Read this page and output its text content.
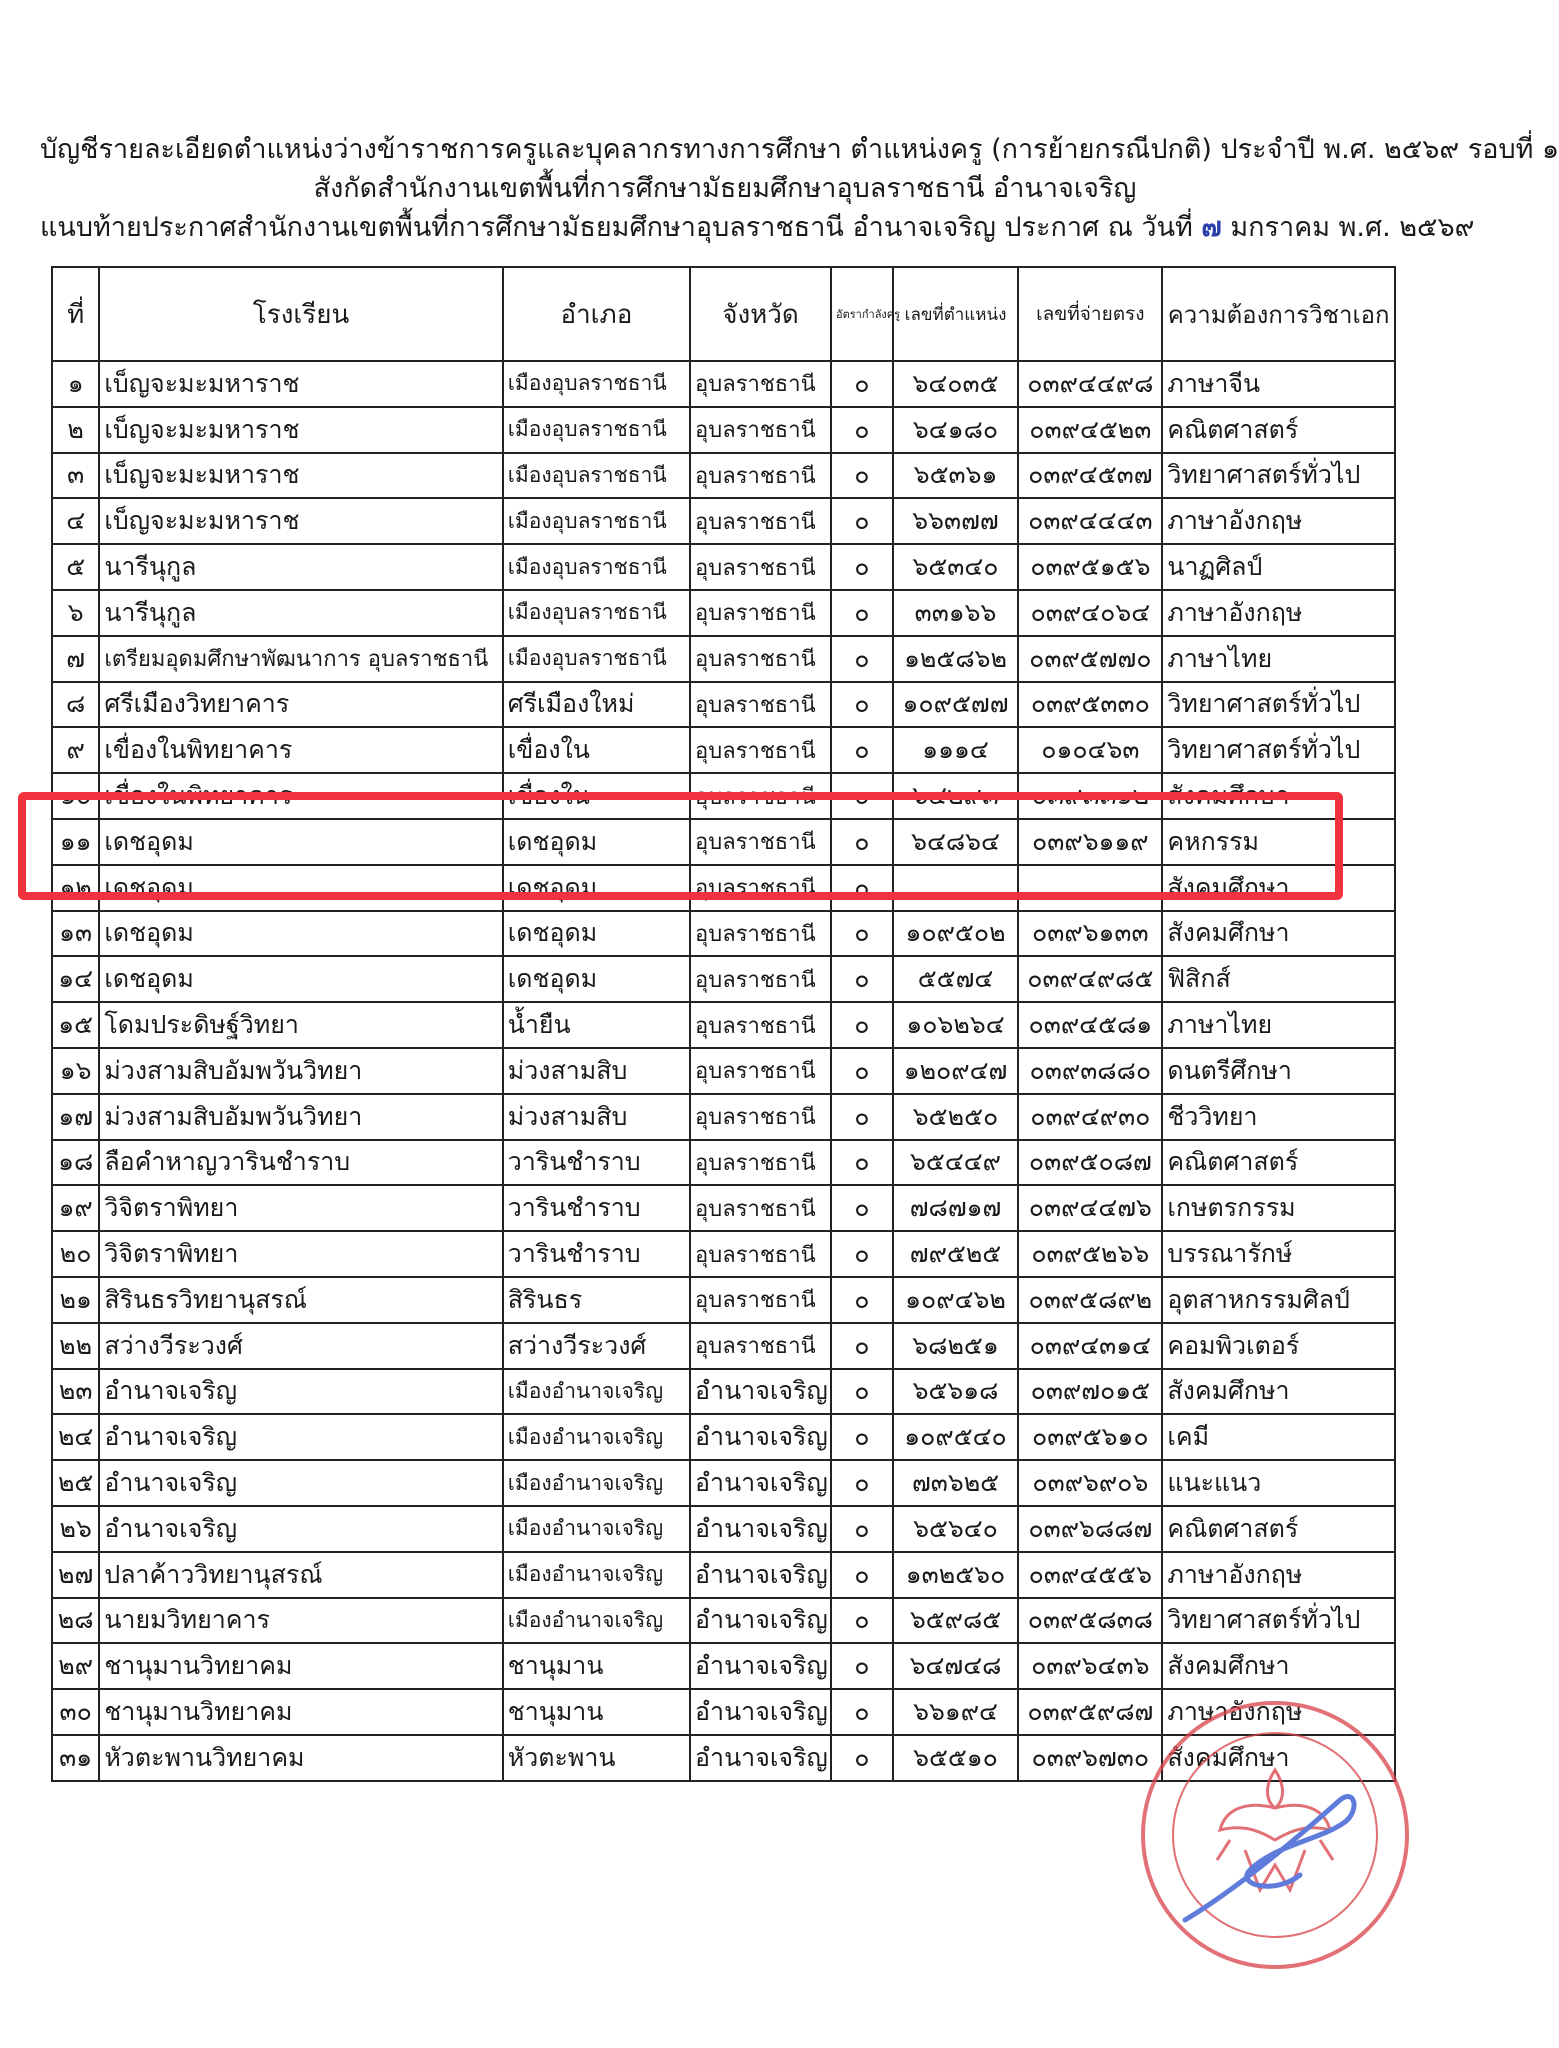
บัญชีรายละเอียดตำแหน่งว่างข้าราชการครูและบุคลากรทางการศึกษา ตำแหน่งครู (การย้ายกรณีปกติ) ประจำปี พ.ศ. ๒๕๖๙ รอบที่ ๑
สังกัดสำนักงานเขตพื้นที่การศึกษามัธยมศึกษาอุบลราชธานี อำนาจเจริญ
แนบท้ายประกาศสำนักงานเขตพื้นที่การศึกษามัธยมศึกษาอุบลราชธานี อำนาจเจริญ ประกาศ ณ วันที่ ๗ มกราคม พ.ศ. ๒๕๖๙
ที่	โรงเรียน	อำเภอ	จังหวัด	อัตรากำลังครู	เลขที่ตำแหน่ง	เลขที่จ่ายตรง	ความต้องการวิชาเอก
๑	เบ็ญจะมะมหาราช	เมืองอุบลราชธานี	อุบลราชธานี	๐	๖๔๐๓๕	๐๓๙๔๔๙๘	ภาษาจีน
๒	เบ็ญจะมะมหาราช	เมืองอุบลราชธานี	อุบลราชธานี	๐	๖๔๑๘๐	๐๓๙๔๕๒๓	คณิตศาสตร์
๓	เบ็ญจะมะมหาราช	เมืองอุบลราชธานี	อุบลราชธานี	๐	๖๕๓๖๑	๐๓๙๔๕๓๗	วิทยาศาสตร์ทั่วไป
๔	เบ็ญจะมะมหาราช	เมืองอุบลราชธานี	อุบลราชธานี	๐	๖๖๓๗๗	๐๓๙๔๔๔๓	ภาษาอังกฤษ
๕	นารีนุกูล	เมืองอุบลราชธานี	อุบลราชธานี	๐	๖๕๓๔๐	๐๓๙๕๑๕๖	นาฏศิลป์
๖	นารีนุกูล	เมืองอุบลราชธานี	อุบลราชธานี	๐	๓๓๑๖๖	๐๓๙๔๐๖๔	ภาษาอังกฤษ
๗	เตรียมอุดมศึกษาพัฒนาการ อุบลราชธานี	เมืองอุบลราชธานี	อุบลราชธานี	๐	๑๒๕๘๖๒	๐๓๙๕๗๗๐	ภาษาไทย
๘	ศรีเมืองวิทยาคาร	ศรีเมืองใหม่	อุบลราชธานี	๐	๑๐๙๕๗๗	๐๓๙๕๓๓๐	วิทยาศาสตร์ทั่วไป
๙	เขื่องในพิทยาคาร	เขื่องใน	อุบลราชธานี	๐	๑๑๑๔	๐๑๐๔๖๓	วิทยาศาสตร์ทั่วไป
๑๐	เขื่องในพิทยาคาร	เขื่องใน	อุบลราชธานี	๐	๖๔๒๙๓	๐๓๙๓๓๑๒	สังคมศึกษา
๑๑	เดชอุดม	เดชอุดม	อุบลราชธานี	๐	๖๔๘๖๔	๐๓๙๖๑๑๙	คหกรรม
๑๒	เดชอุดม	เดชอุดม	อุบลราชธานี	๐			สังคมศึกษา
๑๓	เดชอุดม	เดชอุดม	อุบลราชธานี	๐	๑๐๙๕๐๒	๐๓๙๖๑๓๓	สังคมศึกษา
๑๔	เดชอุดม	เดชอุดม	อุบลราชธานี	๐	๕๕๗๔	๐๓๙๔๙๘๕	ฟิสิกส์
๑๕	โดมประดิษฐ์วิทยา	น้ำยืน	อุบลราชธานี	๐	๑๐๖๒๖๔	๐๓๙๔๕๘๑	ภาษาไทย
๑๖	ม่วงสามสิบอัมพวันวิทยา	ม่วงสามสิบ	อุบลราชธานี	๐	๑๒๐๙๔๗	๐๓๙๓๘๘๐	ดนตรีศึกษา
๑๗	ม่วงสามสิบอัมพวันวิทยา	ม่วงสามสิบ	อุบลราชธานี	๐	๖๕๒๕๐	๐๓๙๔๙๓๐	ชีววิทยา
๑๘	ลือคำหาญวารินชำราบ	วารินชำราบ	อุบลราชธานี	๐	๖๕๔๔๙	๐๓๙๕๐๘๗	คณิตศาสตร์
๑๙	วิจิตราพิทยา	วารินชำราบ	อุบลราชธานี	๐	๗๘๗๑๗	๐๓๙๔๔๗๖	เกษตรกรรม
๒๐	วิจิตราพิทยา	วารินชำราบ	อุบลราชธานี	๐	๗๙๕๒๕	๐๓๙๕๒๖๖	บรรณารักษ์
๒๑	สิรินธรวิทยานุสรณ์	สิรินธร	อุบลราชธานี	๐	๑๐๙๔๖๒	๐๓๙๕๘๙๒	อุตสาหกรรมศิลป์
๒๒	สว่างวีระวงศ์	สว่างวีระวงศ์	อุบลราชธานี	๐	๖๘๒๕๑	๐๓๙๔๓๑๔	คอมพิวเตอร์
๒๓	อำนาจเจริญ	เมืองอำนาจเจริญ	อำนาจเจริญ	๐	๖๕๖๑๘	๐๓๙๗๐๑๕	สังคมศึกษา
๒๔	อำนาจเจริญ	เมืองอำนาจเจริญ	อำนาจเจริญ	๐	๑๐๙๕๔๐	๐๓๙๕๖๑๐	เคมี
๒๕	อำนาจเจริญ	เมืองอำนาจเจริญ	อำนาจเจริญ	๐	๗๓๖๒๕	๐๓๙๖๙๐๖	แนะแนว
๒๖	อำนาจเจริญ	เมืองอำนาจเจริญ	อำนาจเจริญ	๐	๖๕๖๔๐	๐๓๙๖๘๘๗	คณิตศาสตร์
๒๗	ปลาค้าววิทยานุสรณ์	เมืองอำนาจเจริญ	อำนาจเจริญ	๐	๑๓๒๕๖๐	๐๓๙๔๕๕๖	ภาษาอังกฤษ
๒๘	นายมวิทยาคาร	เมืองอำนาจเจริญ	อำนาจเจริญ	๐	๖๕๙๘๕	๐๓๙๕๘๓๘	วิทยาศาสตร์ทั่วไป
๒๙	ชานุมานวิทยาคม	ชานุมาน	อำนาจเจริญ	๐	๖๔๗๔๘	๐๓๙๖๔๓๖	สังคมศึกษา
๓๐	ชานุมานวิทยาคม	ชานุมาน	อำนาจเจริญ	๐	๖๖๑๙๔	๐๓๙๕๙๘๗	ภาษาอังกฤษ
๓๑	หัวตะพานวิทยาคม	หัวตะพาน	อำนาจเจริญ	๐	๖๕๕๑๐	๐๓๙๖๗๓๐	สังคมศึกษา
